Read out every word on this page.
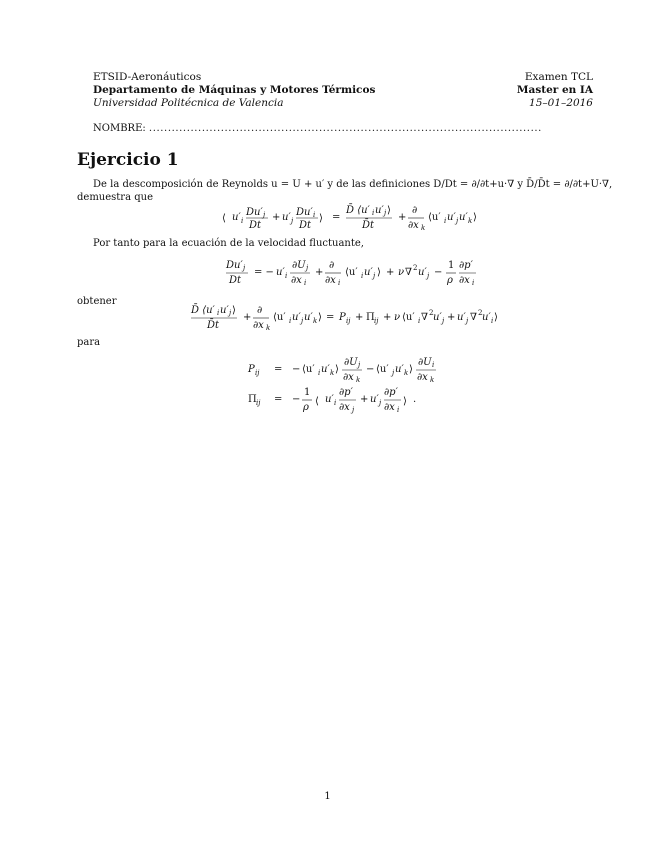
ETSID-Aeronáuticos
Departamento de Máquinas y Motores Térmicos
Universidad Politécnica de Valencia
Examen TCL
Master en IA
15–01–2016
NOMBRE: ........................................................................................................
Ejercicio 1
De la descomposición de Reynolds u = U + u′ y de las definiciones D/Dt = ∂/∂t+u·∇ y D̄/D̄t = ∂/∂t+U·∇,
demuestra que
⟨ u′ i
Du′ j
Dt
+ u′ j
Du′ i
Dt
⟩ =
D̄ ⟨u′ i u′ j ⟩
D̄t
+
∂
∂x k
⟨u′ i u′ j u′ k ⟩
Por tanto para la ecuación de la velocidad fluctuante,
Du′ j
Dt
= − u′ i
∂U j
∂x i
+
∂
∂x i
⟨u′ i u′ j ⟩ + ν ∇ 2 u′ j −
1
ρ
∂p′
∂x i
obtener
D̄ ⟨u′ i u′ j ⟩
D̄t
+
∂
∂x k
⟨u′ i u′ j u′ k ⟩ = P ij + Π ij + ν ⟨u′ i ∇ 2 u′ j + u′ j ∇ 2 u′ i ⟩
para
P ij = − ⟨u′ i u′ k ⟩
∂U j
∂x k
− ⟨u′ j u′ k ⟩
∂U i
∂x k
Π ij = −
1
ρ
⟨ u′ i
∂p′
∂x j
+ u′ j
∂p′
∂x i
⟩ .
1
